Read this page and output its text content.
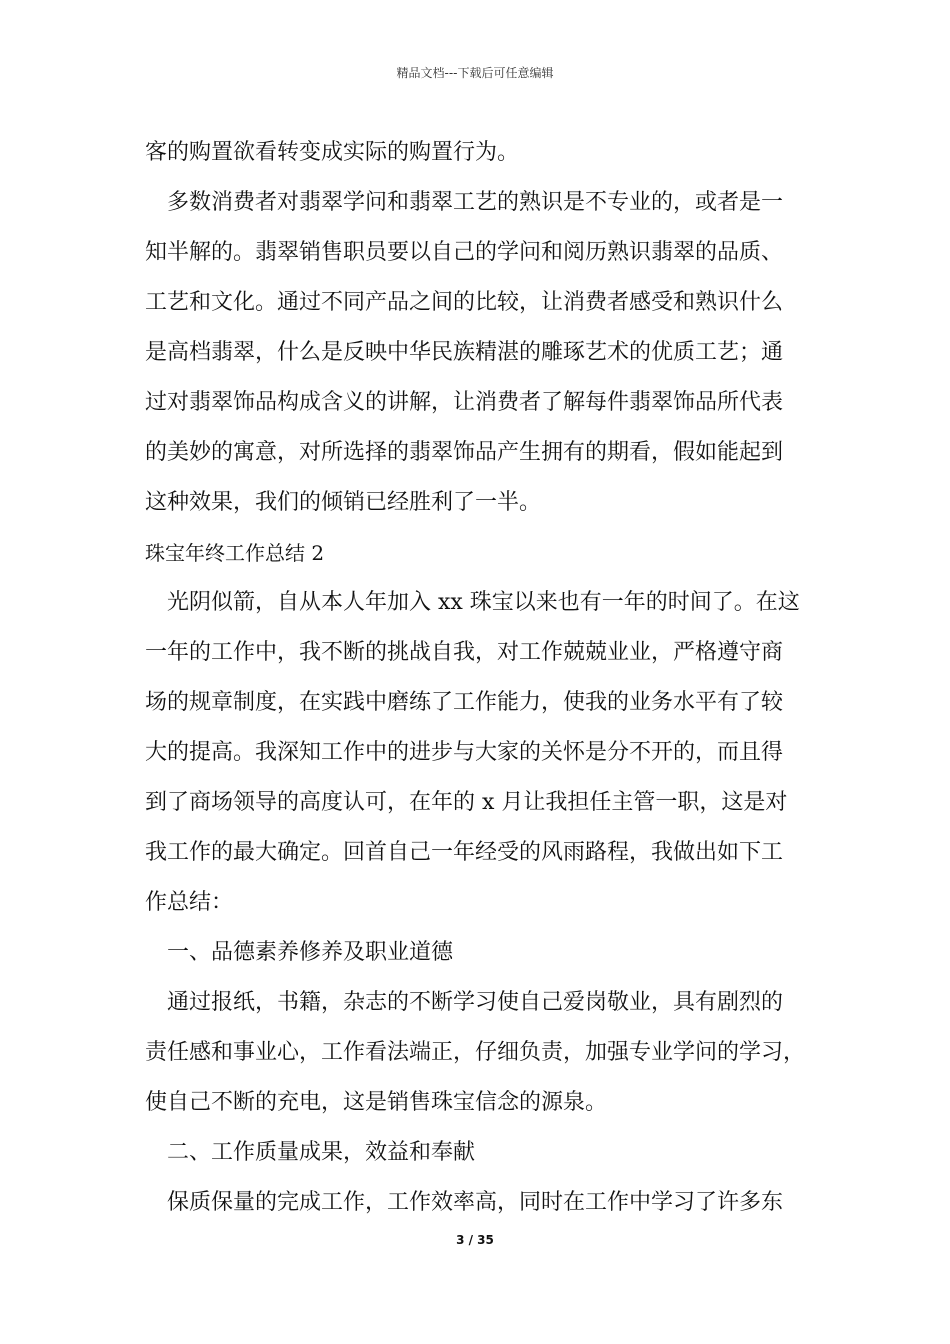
精品文档---下载后可任意编辑
客的购置欲看转变成实际的购置行为。
　多数消费者对翡翠学问和翡翠工艺的熟识是不专业的，或者是一
知半解的。翡翠销售职员要以自己的学问和阅历熟识翡翠的品质、
工艺和文化。通过不同产品之间的比较，让消费者感受和熟识什么
是高档翡翠，什么是反映中华民族精湛的雕琢艺术的优质工艺；通
过对翡翠饰品构成含义的讲解，让消费者了解每件翡翠饰品所代表
的美妙的寓意，对所选择的翡翠饰品产生拥有的期看，假如能起到
这种效果，我们的倾销已经胜利了一半。
珠宝年终工作总结 2
　光阴似箭，自从本人年加入 xx 珠宝以来也有一年的时间了。在这
一年的工作中，我不断的挑战自我，对工作兢兢业业，严格遵守商
场的规章制度，在实践中磨练了工作能力，使我的业务水平有了较
大的提高。我深知工作中的进步与大家的关怀是分不开的，而且得
到了商场领导的高度认可，在年的 x 月让我担任主管一职，这是对
我工作的最大确定。回首自己一年经受的风雨路程，我做出如下工
作总结：
　一、品德素养修养及职业道德
　通过报纸，书籍，杂志的不断学习使自己爱岗敬业，具有剧烈的
责任感和事业心，工作看法端正，仔细负责，加强专业学问的学习，
使自己不断的充电，这是销售珠宝信念的源泉。
　二、工作质量成果，效益和奉献
　保质保量的完成工作，工作效率高，同时在工作中学习了许多东
3 / 35
